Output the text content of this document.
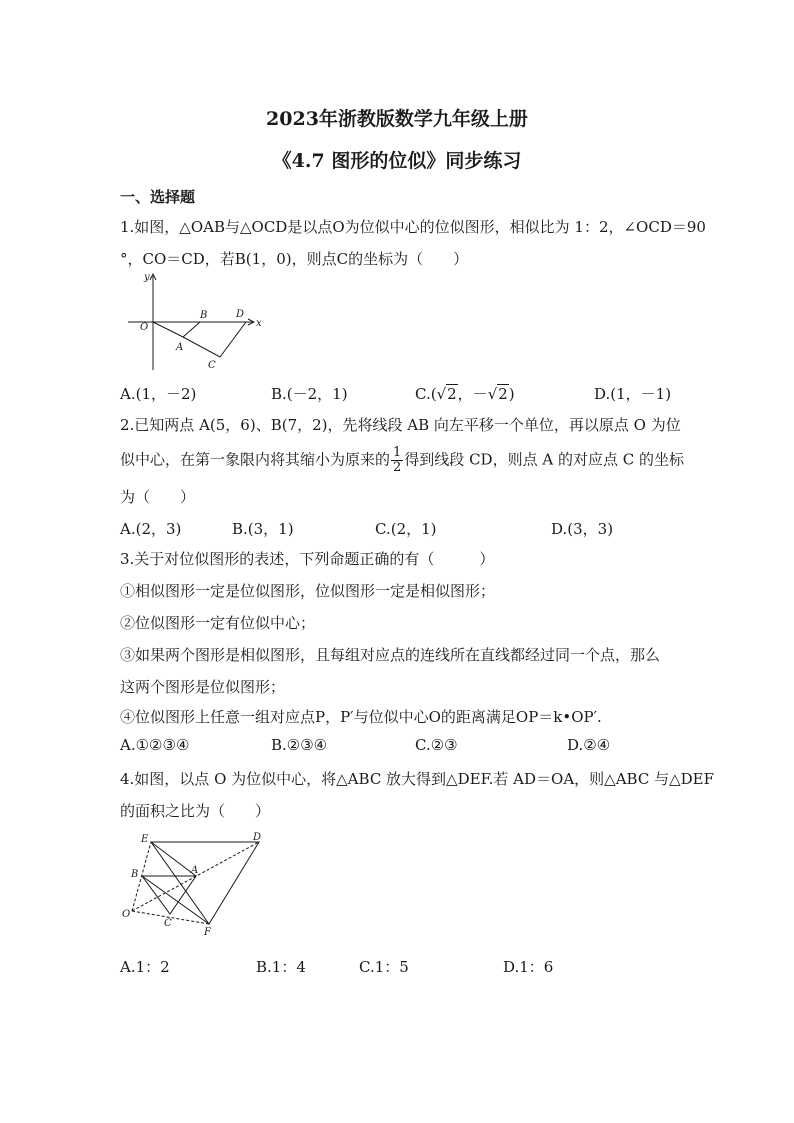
2023年浙教版数学九年级上册
《4.7 图形的位似》同步练习
一、选择题
1.如图，△OAB与△OCD是以点O为位似中心的位似图形，相似比为 1：2，∠OCD＝90
°，CO＝CD，若B(1，0)，则点C的坐标为（　　）
y
x
O
A
B
C
D
A.(1，－2)	B.(－2，1)	C.(√2，－√2)	D.(1，－1)
2.已知两点 A(5，6)、B(7，2)，先将线段 AB 向左平移一个单位，再以原点 O 为位
似中心，在第一象限内将其缩小为原来的 $\frac{1}{2}$ 得到线段 CD，则点 A 的对应点 C 的坐标
为（　　）
A.(2，3)	B.(3，1)	C.(2，1)	D.(3，3)
3.关于对位似图形的表述，下列命题正确的有（　　　）
①相似图形一定是位似图形，位似图形一定是相似图形；
②位似图形一定有位似中心；
③如果两个图形是相似图形，且每组对应点的连线所在直线都经过同一个点，那么
这两个图形是位似图形；
④位似图形上任意一组对应点P，P′与位似中心O的距离满足OP＝k•OP′.
A.①②③④	B.②③④	C.②③	D.②④
4.如图，以点 O 为位似中心，将△ABC 放大得到△DEF.若 AD＝OA，则△ABC 与△DEF
的面积之比为（　　）
E	D
B	A
O
C
F
A.1：2	B.1：4	C.1：5	D.1：6
